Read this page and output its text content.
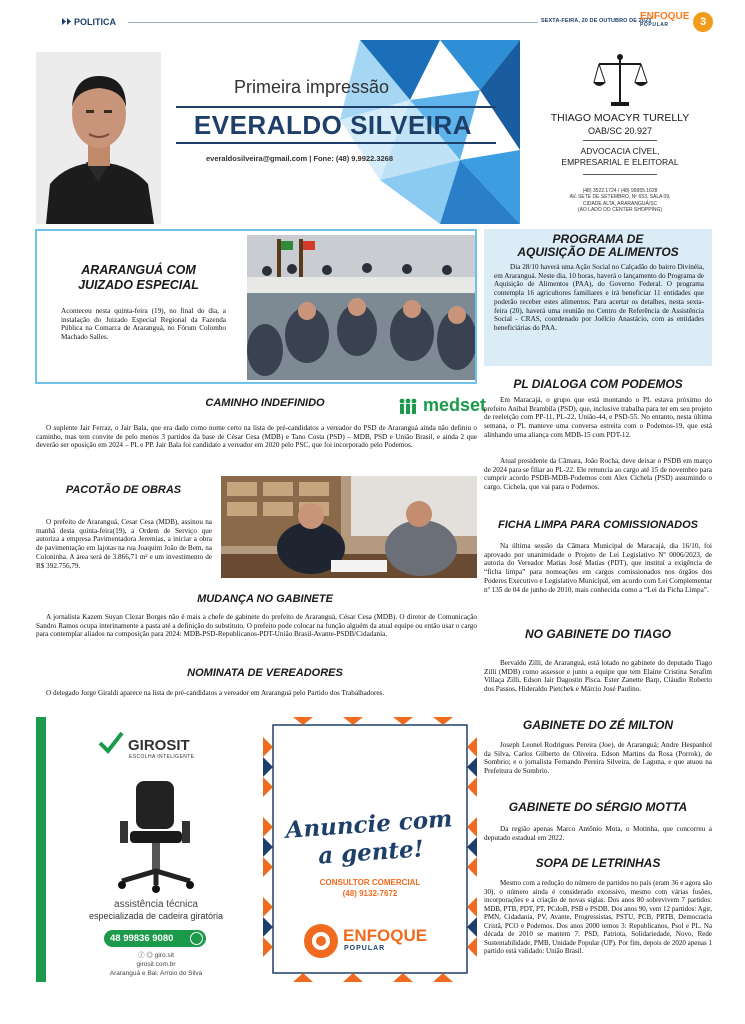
POLITICA	SEXTA-FEIRA, 20 DE OUTUBRO DE 2023
ENFOQUE
POPULAR	3
Primeira impressão
EVERALDO SILVEIRA
everaldosilveira@gmail.com | Fone: (48) 9.9922.3268
THIAGO MOACYR TURELLY
OAB/SC 20.927
ADVOCACIA CÍVEL,
EMPRESARIAL E ELEITORAL
(48) 3522.1724 / (48) 99955.1628
AV. SETE DE SETEMBRO, Nº 653, SALA 09,
CIDADE ALTA, ARARANGUÁ/SC
(AO LADO DO CENTER SHOPPING)
ARARANGUÁ COM
JUIZADO ESPECIAL

Aconteceu nesta quinta-feira (19), no final do dia, a instalação do Juizado Especial Regional da Fazenda Pública na Comarca de Araranguá, no Fórum Colombo Machado Salles.

PROGRAMA DE
AQUISIÇÃO DE ALIMENTOS

Dia 28/10 haverá uma Ação Social no Calçadão do bairro Divinéia, em Araranguá. Neste dia, 10 horas, haverá o lançamento do Programa de Aquisição de Alimentos (PAA), do Governo Federal. O programa contempla 16 agricultores familiares e irá beneficiar 11 entidades que poderão receber estes alimentos. Para acertar os detalhes, nesta sexta-feira (20), haverá uma reunião no Centro de Referência de Assistência Social - CRAS, coordenado por Joélcio Anastácio, com as entidades beneficiárias do PAA.

CAMINHO INDEFINIDO	medset

O suplente Jair Ferraz, o Jair Bala, que era dado como nome certo na lista de pré-candidatos a vereador do PSD de Araranguá ainda não definiu o caminho, mas tem convite de pelo menos 3 partidos da base de César Cesa (MDB) e Tano Costa (PSD) – MDB, PSD e União Brasil, e ainda 2 que deverão ser oposição em 2024 – PL e PP. Jair Bala foi candidato a vereador em 2020 pelo PSC, que foi incorporado pelo Podemos.

PL DIALOGA COM PODEMOS

Em Maracajá, o grupo que está montando o PL estava próximo do prefeito Aníbal Brambila (PSD), que, inclusive trabalha para ter em seu projeto de reeleição com PP-11, PL-22, União-44, e PSD-55. No entanto, nesta última semana, o PL manteve uma conversa estreita com o Podemos-19, que está alinhando uma aliança com MDB-15 com PDT-12.

Atual presidente da Câmara, João Rocha, deve deixar o PSDB em março de 2024 para se filiar ao PL-22. Ele renuncia ao cargo até 15 de novembro para cumprir acordo PSDB-MDB-Podemos com Alex Cichela (PSD) assumindo o cargo. Cichela, que vai para o Podemos.

PACOTÃO DE OBRAS

O prefeito de Araranguá, Cesar Cesa (MDB), assinou na manhã desta quinta-feira(19), a Ordem de Serviço que autoriza a empresa Pavimentadora Jeremias, a iniciar a obra de pavimentação em lajotas na rua Joaquim João de Bem, na Coloninha. A área será de 3.866,71 m² e um investimento de R$ 392.756,79.

FICHA LIMPA PARA COMISSIONADOS

Na última sessão da Câmara Municipal de Maracajá, dia 16/10, foi aprovado por unanimidade o Projeto de Lei Legislativo Nº 0006/2023, de autoria do Vereador Matias José Matias (PDT), que instituí a exigência de “ficha limpa” para nomeações em cargos comissionados nos órgãos dos Poderes Executivo e Legislativo Municipal, em acordo com Lei Complementar nº 135 de 04 de junho de 2010, mais conhecida como a “Lei da Ficha Limpa”.

MUDANÇA NO GABINETE

A jornalista Kazem Suyan Clezar Borges não é mais a chefe de gabinete do prefeito de Araranguá, César Cesa (MDB). O diretor de Comunicação Sandro Ramos ocupa interinamente a pasta até a definição do substituto. O prefeito pode colocar na função alguém da atual equipe ou então usar o cargo para contemplar aliados na composição para 2024: MDB-PSD-Republicanos-PDT-União Brasil-Avante-PSDB/Cidadania.

NOMINATA DE VEREADORES

O delegado Jorge Giraldi aparece na lista de pré-candidatos a vereador em Araranguá pelo Partido dos Trabalhadores.

NO GABINETE DO TIAGO

Bervaldo Zilli, de Araranguá, está lotado no gabinete do deputado Tiago Zilli (MDB) como assessor e junto a equipe que tem Elaine Cristina Serafim Villaça Zilli, Edson Jair Dagostin Pisca. Ester Zanette Barp, Cláudio Roberto dos Passos, Hideraldo Pietchek e Márcio José Paulino.

GABINETE DO ZÉ MILTON

Joseph Leonel Rodrigues Pereira (Joe), de Araranguá; Andre Hespanhol da Silva, Carlos Gilberto de Oliveira. Edson Martins da Rosa (Porrok), de Sombrio; e o jornalista Fernando Pereira Silveira, de Laguna, e que atuou na Prefeitura de Sombrio.

GABINETE DO SÉRGIO MOTTA

Da região apenas Marco Antônio Mota, o Motinha, que concorreu a deputado estadual em 2022.

SOPA DE LETRINHAS

Mesmo com a redução do número de partidos no país (eram 36 e agora são 30), o número ainda é considerado excessivo, mesmo com várias fusões, incorporações e a criação de novas siglas. Dos anos 80 sobrevivem 7 partidos: MDB, PTB, PDT, PT, PCdoB, PSB e PSDB. Dos anos 90, vem 12 partidos: Agir, PMN, Cidadania, PV, Avante, Progressistas, PSTU, PCB, PRTB, Democracia Cristã, PCO e Podemos. Dos anos 2000 temos 3: Republicanos, Psol e PL. Na década de 2010 se mantem 7: PSD, Patriota, Solidariedade, Novo, Rede Sustentabilidade, PMB, Unidade Popular (UP). Por fim, depois de 2020 apenas 1 partido está validado: União Brasil.

GIROSIT
ESCOLHA INTELIGENTE
assistência técnica
especializada de cadeira giratória
48 99836 9080
ⓕ ◎ giro.sit
girosit.com.br
Araranguá e Bal. Arroio do Silva
Anuncie com
a gente!
CONSULTOR COMERCIAL
(48) 9132-7672
ENFOQUE
POPULAR
